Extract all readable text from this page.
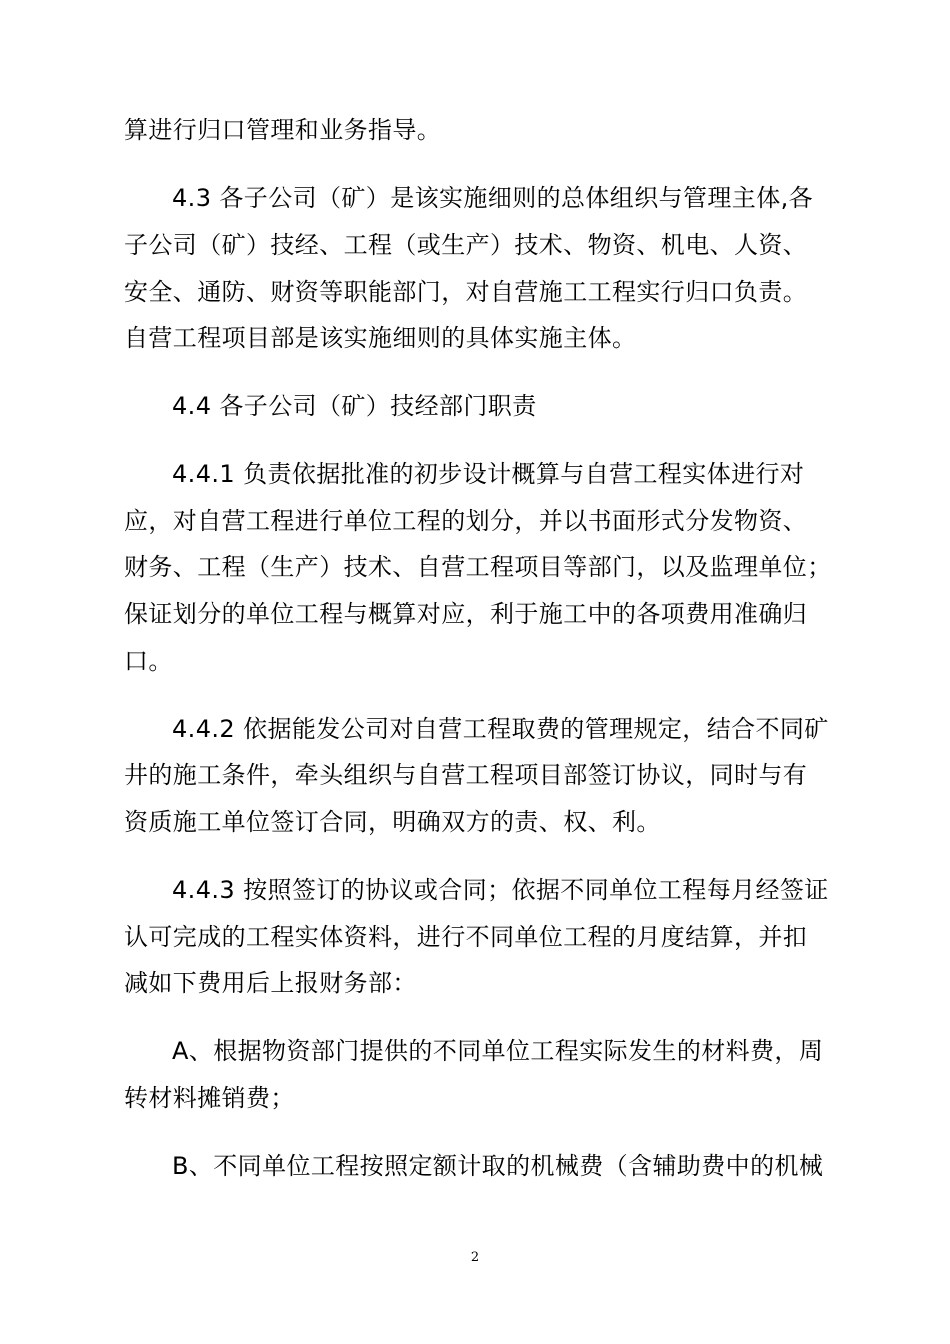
算进行归口管理和业务指导。
4.3 各子公司（矿）是该实施细则的总体组织与管理主体,各
子公司（矿）技经、工程（或生产）技术、物资、机电、人资、
安全、通防、财资等职能部门，对自营施工工程实行归口负责。
自营工程项目部是该实施细则的具体实施主体。
4.4 各子公司（矿）技经部门职责
4.4.1 负责依据批准的初步设计概算与自营工程实体进行对
应，对自营工程进行单位工程的划分，并以书面形式分发物资、
财务、工程（生产）技术、自营工程项目等部门，以及监理单位；
保证划分的单位工程与概算对应，利于施工中的各项费用准确归
口。
4.4.2 依据能发公司对自营工程取费的管理规定，结合不同矿
井的施工条件，牵头组织与自营工程项目部签订协议，同时与有
资质施工单位签订合同，明确双方的责、权、利。
4.4.3 按照签订的协议或合同；依据不同单位工程每月经签证
认可完成的工程实体资料，进行不同单位工程的月度结算，并扣
减如下费用后上报财务部：
A、根据物资部门提供的不同单位工程实际发生的材料费，周
转材料摊销费；
B、不同单位工程按照定额计取的机械费（含辅助费中的机械
2
